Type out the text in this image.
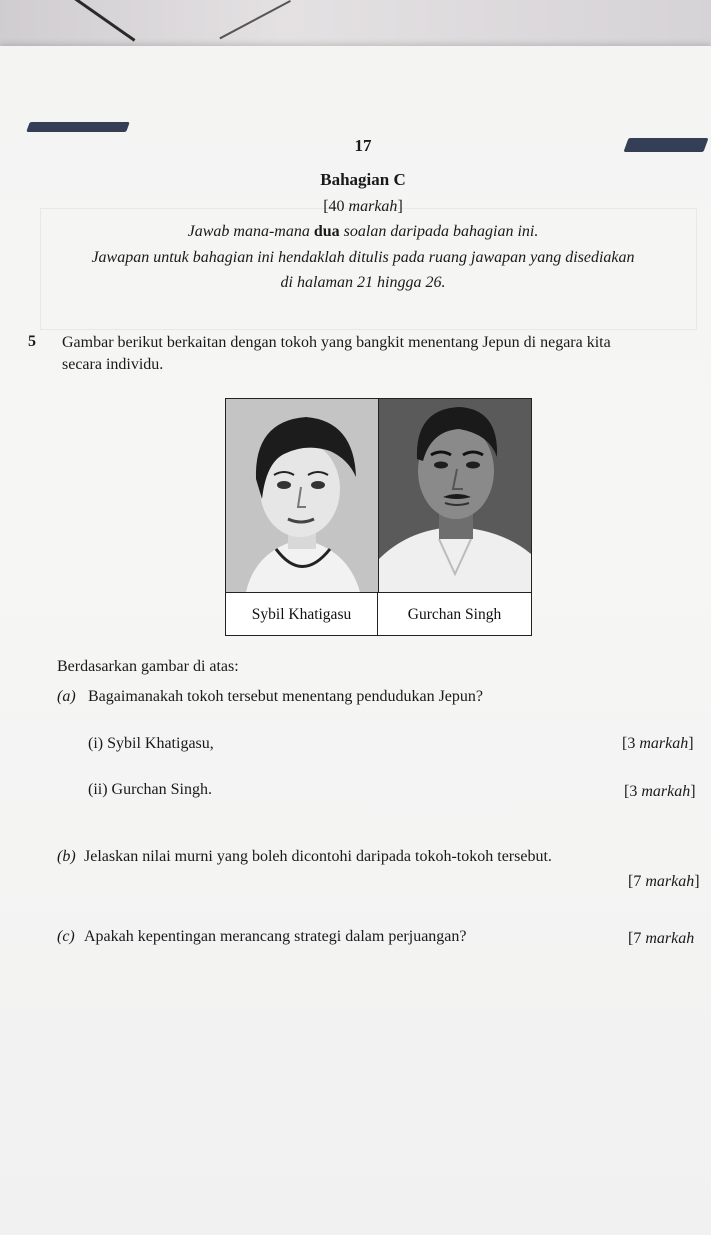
17
Bahagian C
[40 markah]
Jawab mana-mana dua soalan daripada bahagian ini.
Jawapan untuk bahagian ini hendaklah ditulis pada ruang jawapan yang disediakan
di halaman 21 hingga 26.
5 Gambar berikut berkaitan dengan tokoh yang bangkit menentang Jepun di negara kita
secara individu.
Sybil Khatigasu	Gurchan Singh
Berdasarkan gambar di atas:
(a) Bagaimanakah tokoh tersebut menentang pendudukan Jepun?
(i) Sybil Khatigasu,	[3 markah]
(ii) Gurchan Singh.	[3 markah]
(b) Jelaskan nilai murni yang boleh dicontohi daripada tokoh-tokoh tersebut.
[7 markah]
(c) Apakah kepentingan merancang strategi dalam perjuangan?	[7 markah
